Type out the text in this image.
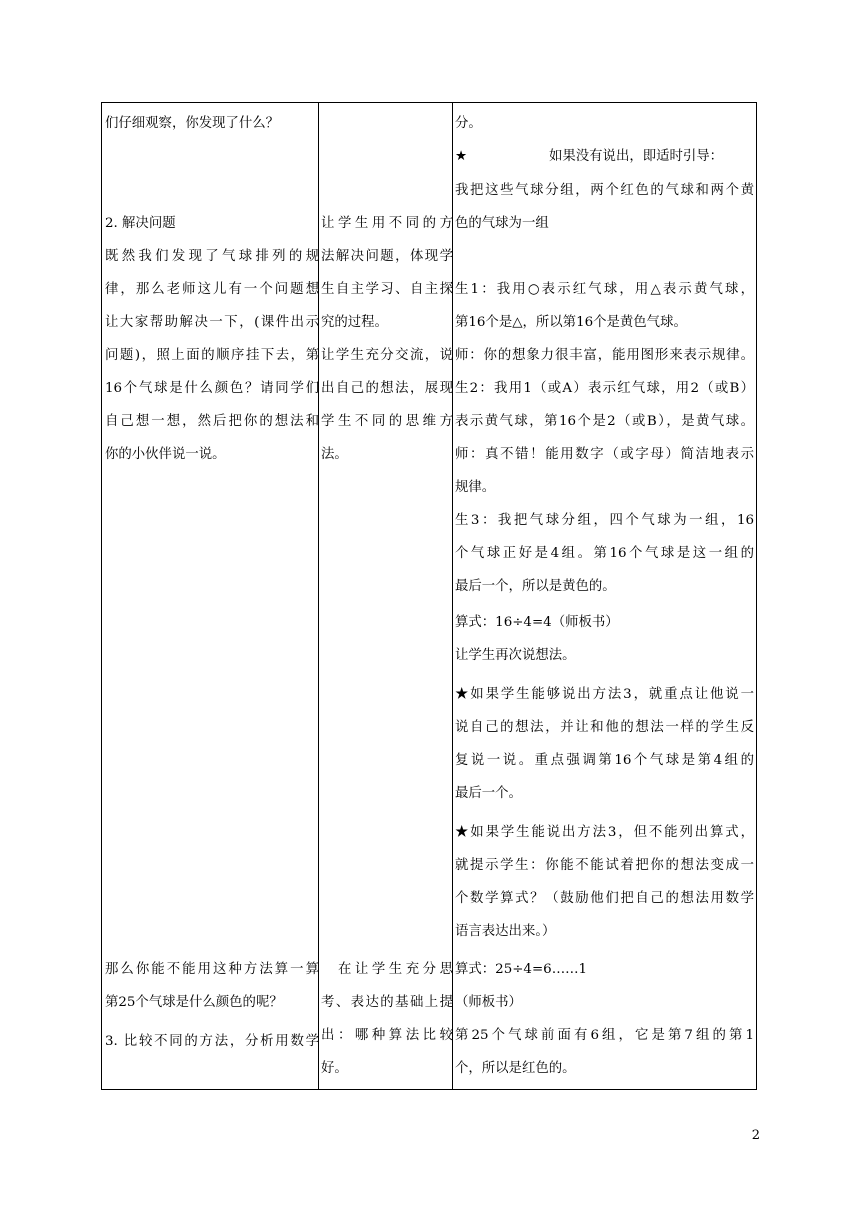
们仔细观察，你发现了什么？
2. 解决问题
既然我们发现了气球排列的规
律，那么老师这儿有一个问题想
让大家帮助解决一下，(课件出示
问题)，照上面的顺序挂下去，第
16个气球是什么颜色？请同学们
自己想一想，然后把你的想法和
你的小伙伴说一说。
那么你能不能用这种方法算一算
第25个气球是什么颜色的呢？
3. 比较不同的方法，分析用数学
让学生用不同的方
法解决问题，体现学
生自主学习、自主探
究的过程。
让学生充分交流，说
出自己的想法，展现
学生不同的思维方
法。
　在让学生充分思
考、表达的基础上提
出：哪种算法比较
好。
分。
★	如果没有说出，即适时引导：
我把这些气球分组，两个红色的气球和两个黄
色的气球为一组
生1：我用○表示红气球，用△表示黄气球，
第16个是△，所以第16个是黄色气球。
师：你的想象力很丰富，能用图形来表示规律。
生2：我用1（或A）表示红气球，用2（或B）
表示黄气球，第16个是2（或B），是黄气球。
师：真不错！能用数字（或字母）简洁地表示
规律。
生3：我把气球分组，四个气球为一组，16
个气球正好是4组。第16个气球是这一组的
最后一个，所以是黄色的。
算式：16÷4=4（师板书）
让学生再次说想法。
★如果学生能够说出方法3，就重点让他说一
说自己的想法，并让和他的想法一样的学生反
复说一说。重点强调第16个气球是第4组的
最后一个。
★如果学生能说出方法3，但不能列出算式，
就提示学生：你能不能试着把你的想法变成一
个数学算式？（鼓励他们把自己的想法用数学
语言表达出来。）
算式：25÷4=6……1
（师板书）
第25个气球前面有6组，它是第7组的第1
个，所以是红色的。
2
